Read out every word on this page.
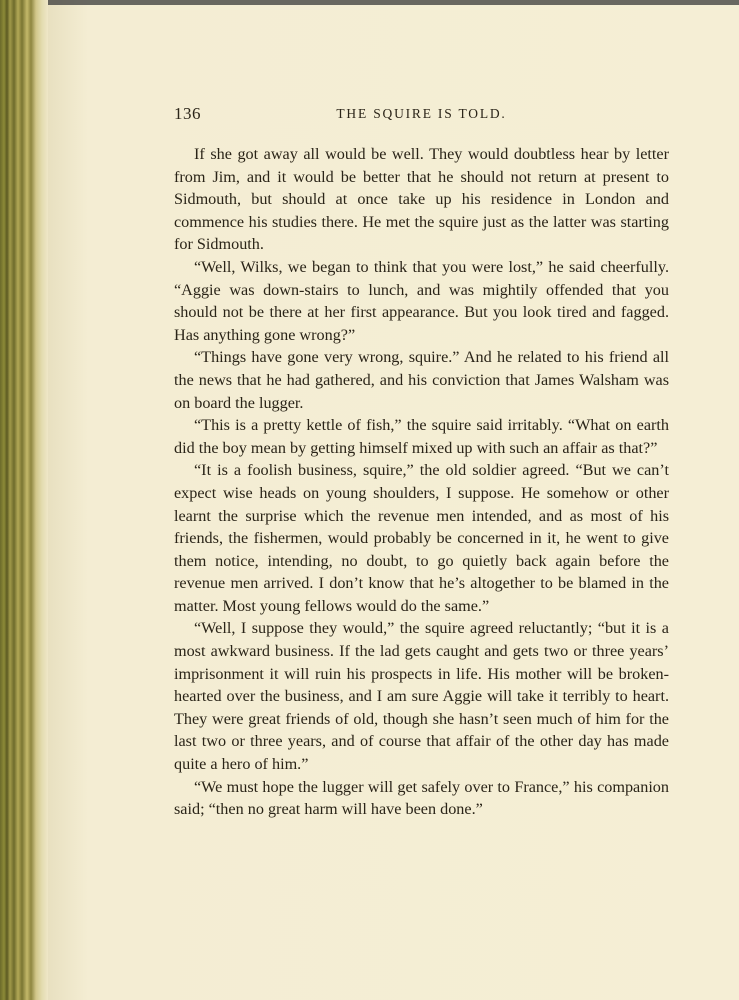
136	THE SQUIRE IS TOLD.

If she got away all would be well. They would doubtless hear by letter from Jim, and it would be better that he should not return at present to Sidmouth, but should at once take up his residence in London and commence his studies there. He met the squire just as the latter was starting for Sidmouth.

“Well, Wilks, we began to think that you were lost,” he said cheerfully. “Aggie was down-stairs to lunch, and was mightily offended that you should not be there at her first appearance. But you look tired and fagged. Has anything gone wrong?”

“Things have gone very wrong, squire.” And he related to his friend all the news that he had gathered, and his conviction that James Walsham was on board the lugger.

“This is a pretty kettle of fish,” the squire said irritably. “What on earth did the boy mean by getting himself mixed up with such an affair as that?”

“It is a foolish business, squire,” the old soldier agreed. “But we can’t expect wise heads on young shoulders, I suppose. He somehow or other learnt the surprise which the revenue men intended, and as most of his friends, the fishermen, would probably be concerned in it, he went to give them notice, intending, no doubt, to go quietly back again before the revenue men arrived. I don’t know that he’s altogether to be blamed in the matter. Most young fellows would do the same.”

“Well, I suppose they would,” the squire agreed reluctantly; “but it is a most awkward business. If the lad gets caught and gets two or three years’ imprisonment it will ruin his prospects in life. His mother will be broken-hearted over the business, and I am sure Aggie will take it terribly to heart. They were great friends of old, though she hasn’t seen much of him for the last two or three years, and of course that affair of the other day has made quite a hero of him.”

“We must hope the lugger will get safely over to France,” his companion said; “then no great harm will have been done.”
